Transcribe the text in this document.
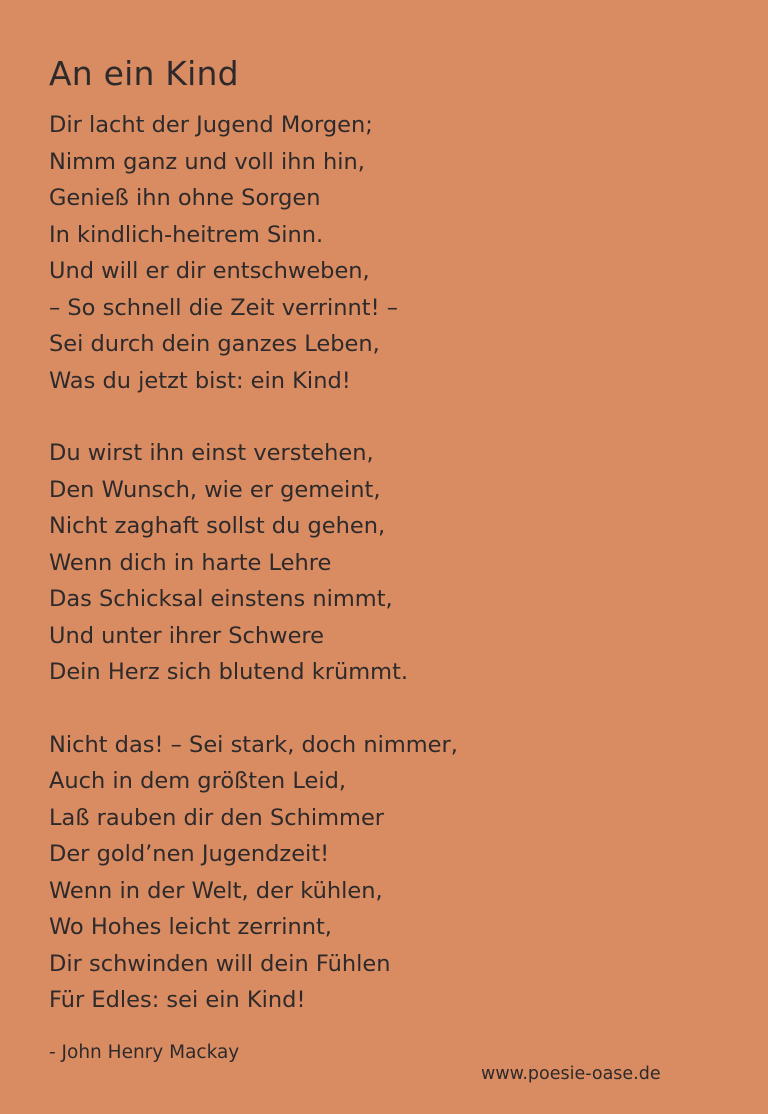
An ein Kind
Dir lacht der Jugend Morgen;
Nimm ganz und voll ihn hin,
Genieß ihn ohne Sorgen
In kindlich-heitrem Sinn.
Und will er dir entschweben,
– So schnell die Zeit verrinnt! –
Sei durch dein ganzes Leben,
Was du jetzt bist: ein Kind!
Du wirst ihn einst verstehen,
Den Wunsch, wie er gemeint,
Nicht zaghaft sollst du gehen,
Wenn dich in harte Lehre
Das Schicksal einstens nimmt,
Und unter ihrer Schwere
Dein Herz sich blutend krümmt.
Nicht das! – Sei stark, doch nimmer,
Auch in dem größten Leid,
Laß rauben dir den Schimmer
Der gold’nen Jugendzeit!
Wenn in der Welt, der kühlen,
Wo Hohes leicht zerrinnt,
Dir schwinden will dein Fühlen
Für Edles: sei ein Kind!
- John Henry Mackay
www.poesie-oase.de
